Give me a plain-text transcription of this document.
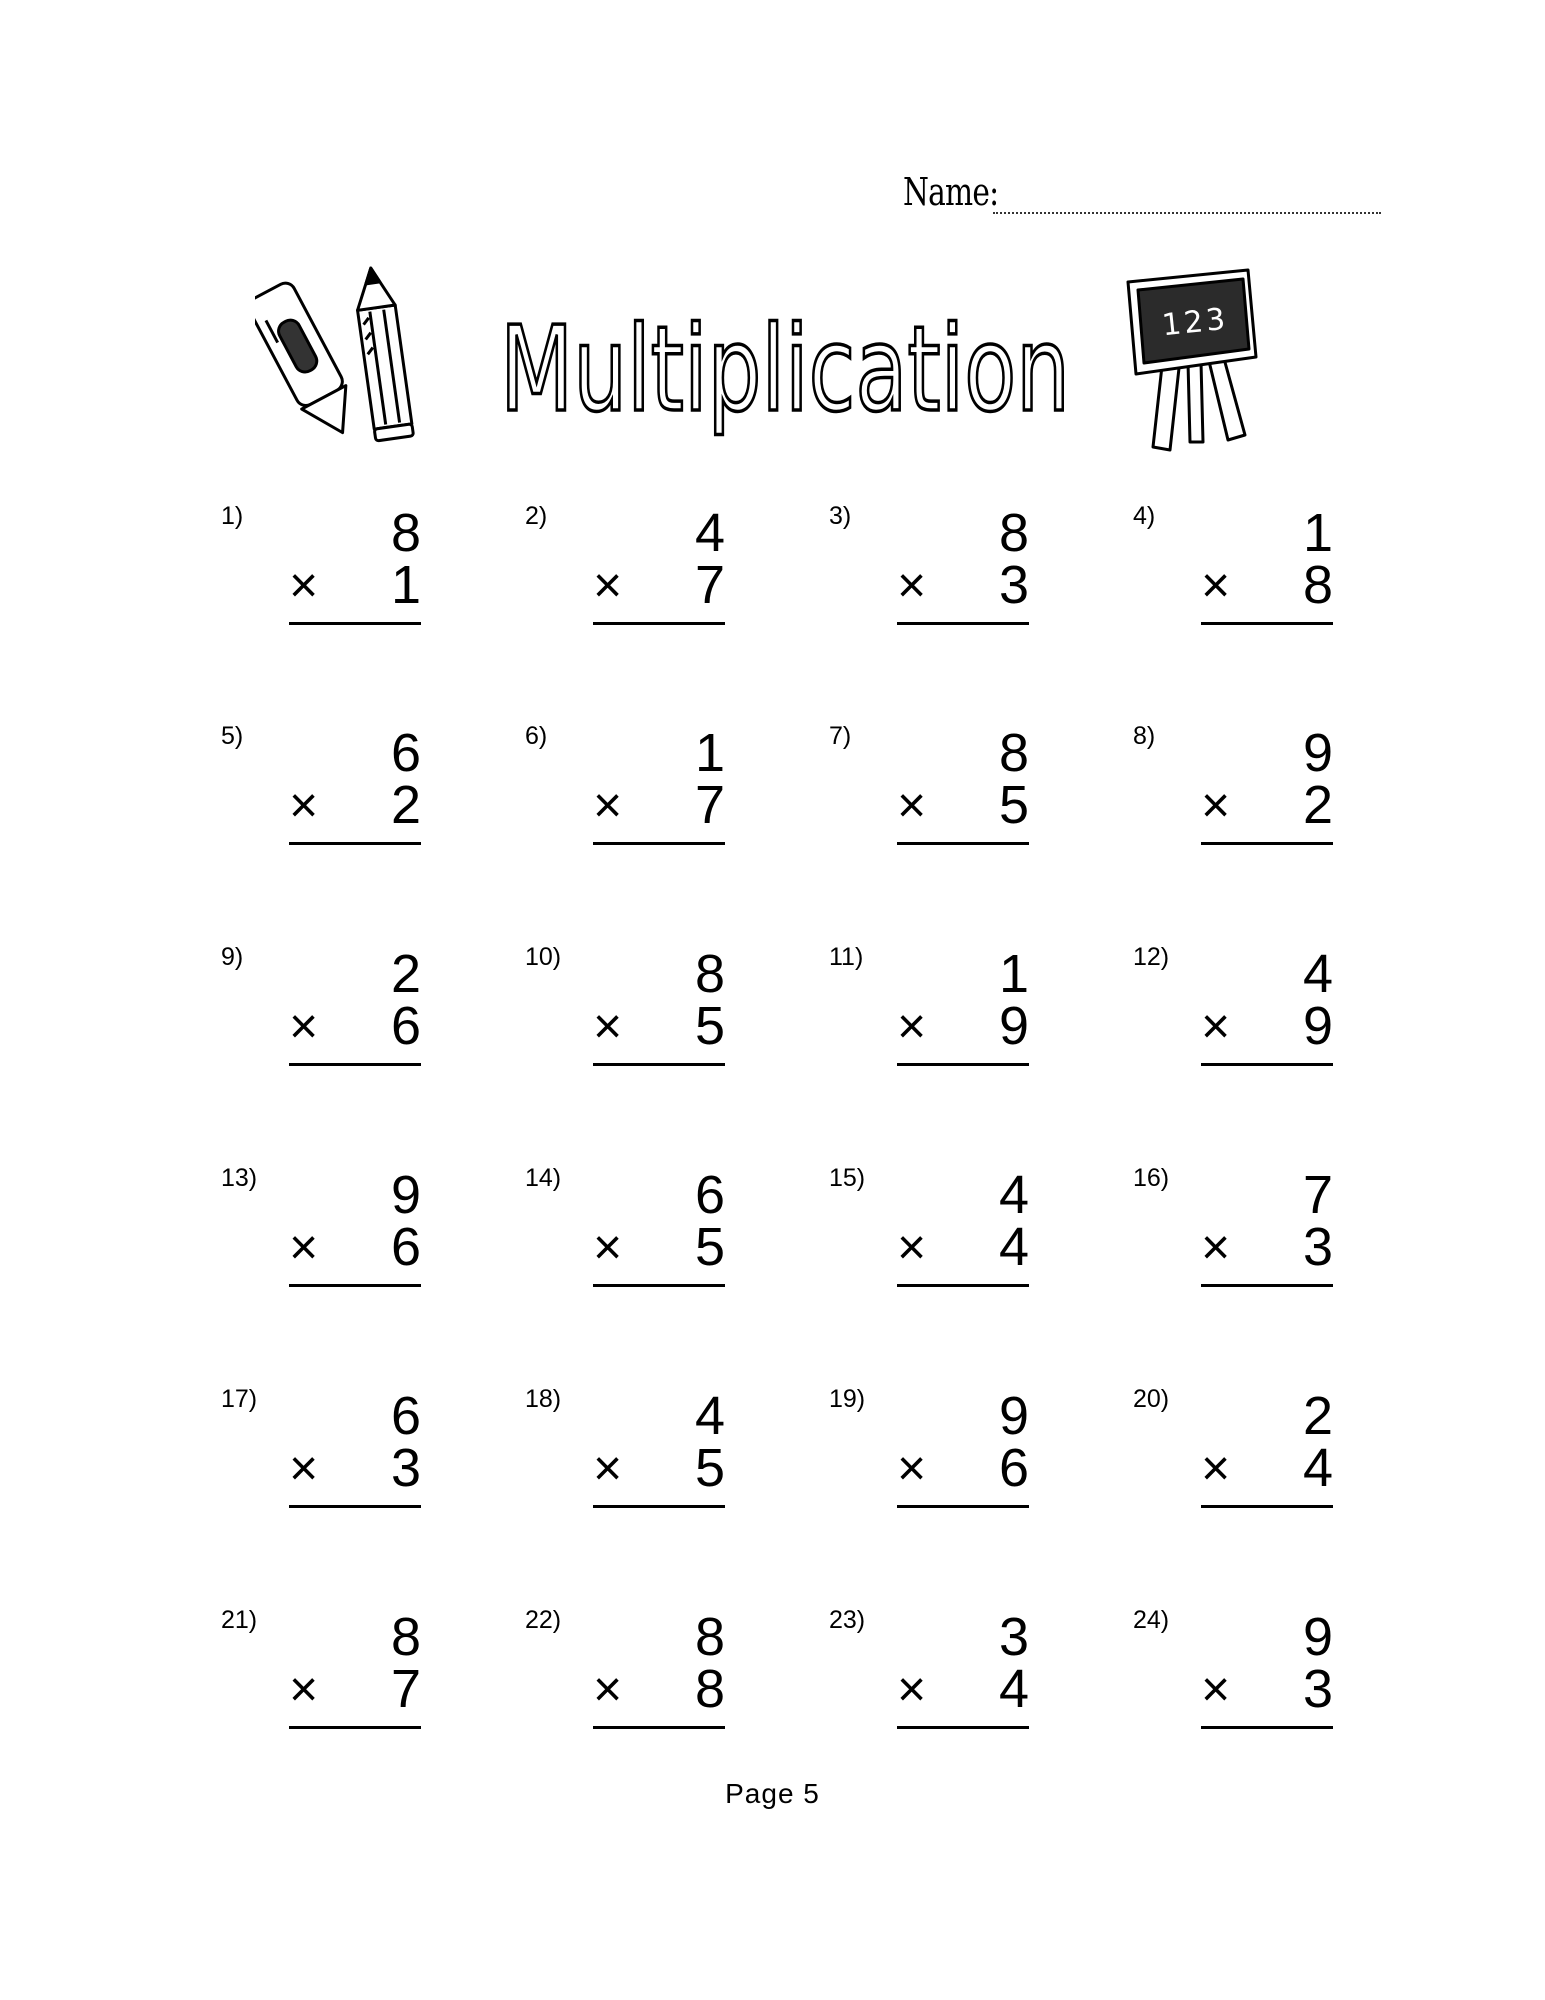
Name:
Multiplication	123
1)	8
× 1
2)	4
× 7
3)	8
× 3
4)	1
× 8
5)	6
× 2
6)	1
× 7
7)	8
× 5
8)	9
× 2
9)	2
× 6
10)	8
× 5
11)	1
× 9
12)	4
× 9
13)	9
× 6
14)	6
× 5
15)	4
× 4
16)	7
× 3
17)	6
× 3
18)	4
× 5
19)	9
× 6
20)	2
× 4
21)	8
× 7
22)	8
× 8
23)	3
× 4
24)	9
× 3
Page 5
